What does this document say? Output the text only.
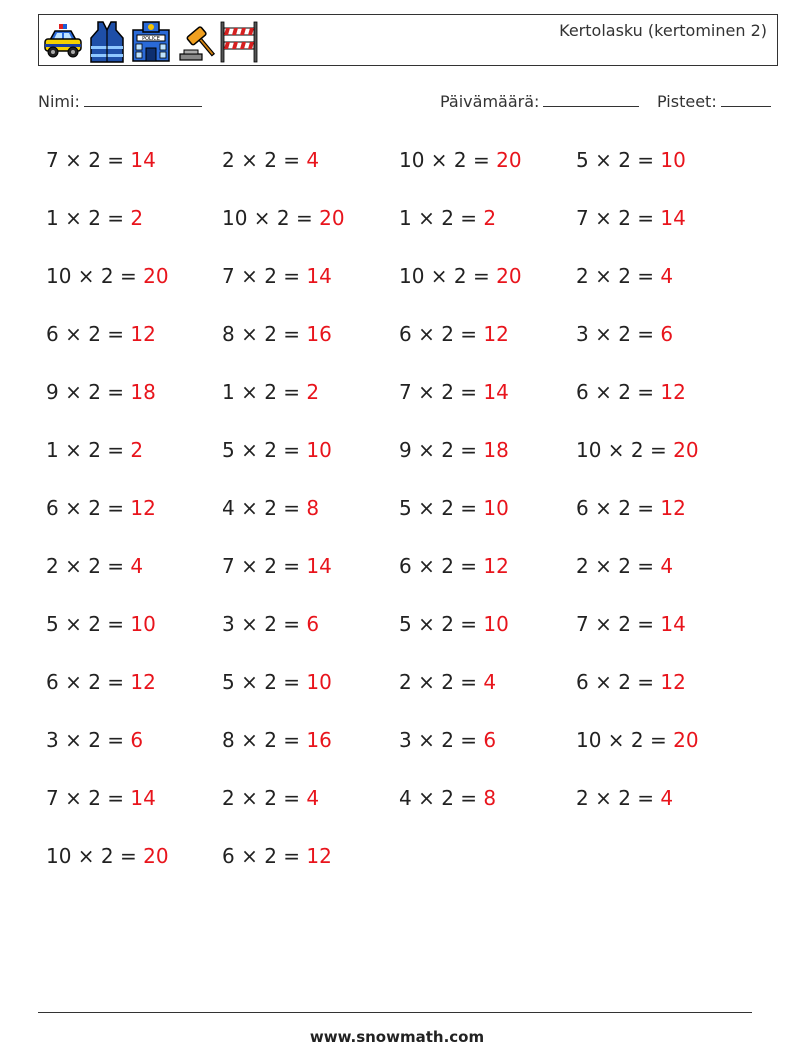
POLICE	Kertolasku (kertominen 2)
Nimi:	Päivämäärä:	Pisteet:
7 × 2 = 14	2 × 2 = 4	10 × 2 = 20	5 × 2 = 10
1 × 2 = 2	10 × 2 = 20	1 × 2 = 2	7 × 2 = 14
10 × 2 = 20	7 × 2 = 14	10 × 2 = 20	2 × 2 = 4
6 × 2 = 12	8 × 2 = 16	6 × 2 = 12	3 × 2 = 6
9 × 2 = 18	1 × 2 = 2	7 × 2 = 14	6 × 2 = 12
1 × 2 = 2	5 × 2 = 10	9 × 2 = 18	10 × 2 = 20
6 × 2 = 12	4 × 2 = 8	5 × 2 = 10	6 × 2 = 12
2 × 2 = 4	7 × 2 = 14	6 × 2 = 12	2 × 2 = 4
5 × 2 = 10	3 × 2 = 6	5 × 2 = 10	7 × 2 = 14
6 × 2 = 12	5 × 2 = 10	2 × 2 = 4	6 × 2 = 12
3 × 2 = 6	8 × 2 = 16	3 × 2 = 6	10 × 2 = 20
7 × 2 = 14	2 × 2 = 4	4 × 2 = 8	2 × 2 = 4
10 × 2 = 20	6 × 2 = 12
www.snowmath.com
